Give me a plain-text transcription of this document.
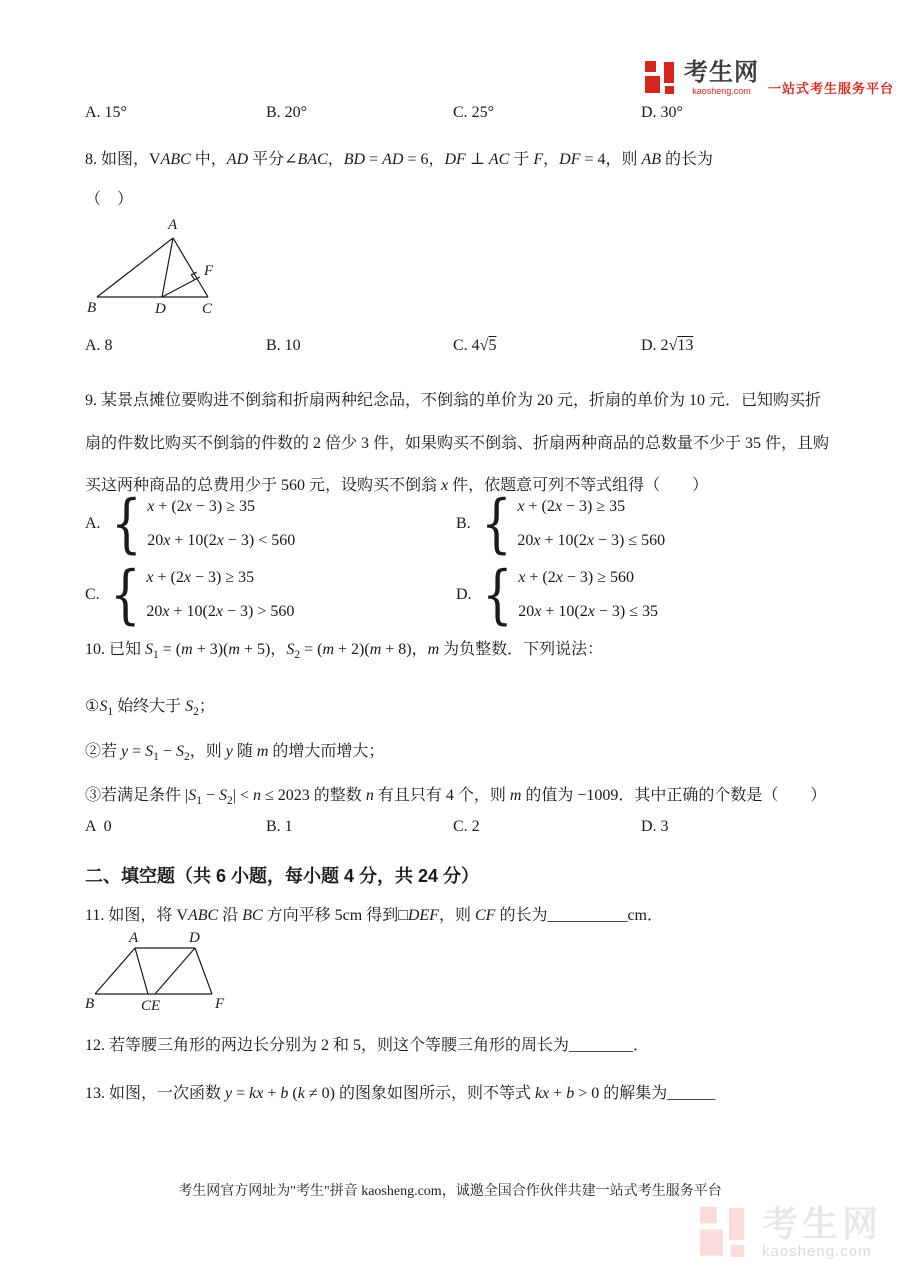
考生网
kaosheng.com 一站式考生服务平台
A. 15°	B. 20°	C. 25°	D. 30°
8. 如图，VABC 中，AD 平分∠BAC，BD = AD = 6，DF ⊥ AC 于 F，DF = 4，则 AB 的长为
（　）
A
B	C
D
F
A. 8	B. 10	C. 4√5	D. 2√13
9. 某景点摊位要购进不倒翁和折扇两种纪念品，不倒翁的单价为 20 元，折扇的单价为 10 元．已知购买折
扇的件数比购买不倒翁的件数的 2 倍少 3 件，如果购买不倒翁、折扇两种商品的总数量不少于 35 件，且购
买这两种商品的总费用少于 560 元，设购买不倒翁 x 件，依题意可列不等式组得（　　）
A.
{
x + (2x − 3) ≥ 35
20x + 10(2x − 3) < 560
B.
{
x + (2x − 3) ≥ 35
20x + 10(2x − 3) ≤ 560
C.
{
x + (2x − 3) ≥ 35
20x + 10(2x − 3) > 560
D.
{
x + (2x − 3) ≥ 560
20x + 10(2x − 3) ≤ 35
10. 已知 $S_1 = (m + 3)(m + 5)$，$S_2 = (m + 2)(m + 8)$，m 为负整数．下列说法：
$①S_1$ 始终大于 $S_2$；
②若 $y = S_1 - S_2$，则 y 随 m 的增大而增大；
③若满足条件 $|S_1 - S_2| < n \le 2023$ 的整数 n 有且只有 4 个，则 m 的值为 −1009．其中正确的个数是（　　）
A  0	B. 1	C. 2	D. 3
二、填空题（共 6 小题，每小题 4 分，共 24 分）
11. 如图，将 VABC 沿 BC 方向平移 5cm 得到□DEF，则 CF 的长为__________cm．
A	D
B	CE	F
12. 若等腰三角形的两边长分别为 2 和 5，则这个等腰三角形的周长为________．
13. 如图，一次函数 y = kx + b (k ≠ 0) 的图象如图所示，则不等式 kx + b > 0 的解集为______
考生网官方网址为"考生"拼音 kaosheng.com，诚邀全国合作伙伴共建一站式考生服务平台
考生网
kaosheng.com
